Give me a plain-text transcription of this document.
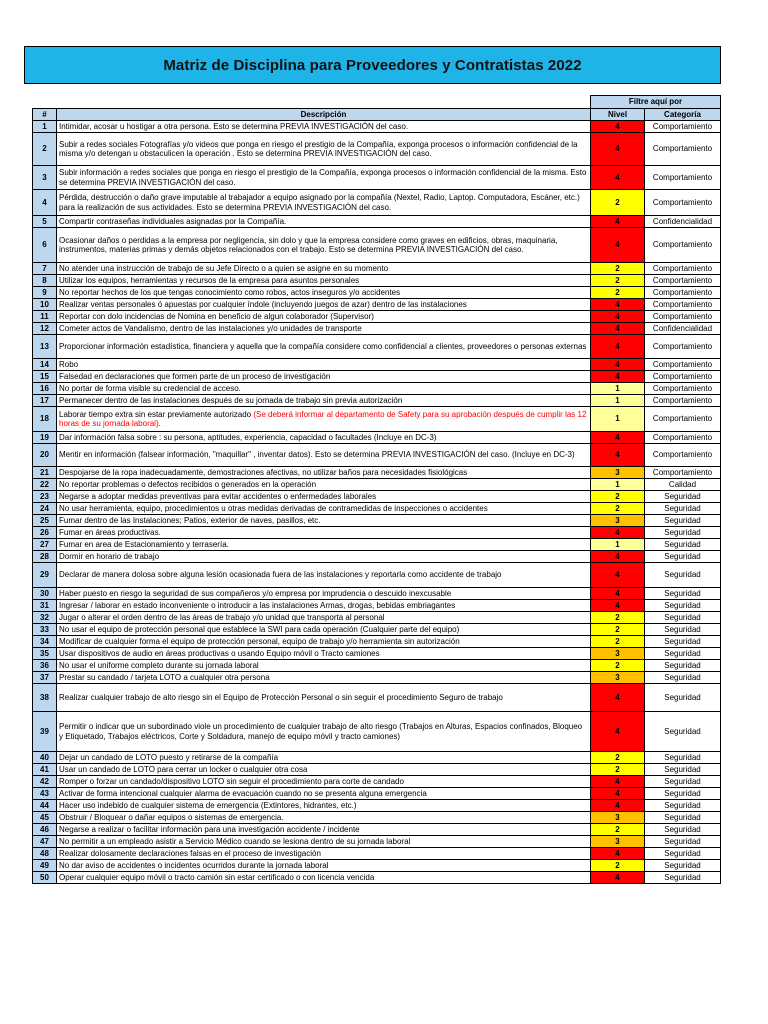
Matriz de Disciplina para Proveedores y Contratistas 2022
		Filtre aquí por	
#	Descripción	Nivel	Categoría
1	Intimidar, acosar u hostigar a otra persona. Esto se determina PREVIA INVESTIGACIÓN del caso.	4	Comportamiento
2	Subir a redes sociales Fotografías y/o videos que ponga en riesgo el prestigio de la Compañía, exponga procesos o información confidencial de la misma y/o detengan u obstaculicen la operación . Esto se determina PREVIA INVESTIGACIÓN del caso.	4	Comportamiento
3	Subir información a redes sociales que ponga en riesgo el prestigio de la Compañía, exponga procesos o información confidencial de la misma. Esto se determina PREVIA INVESTIGACIÓN del caso.	4	Comportamiento
4	Pérdida, destrucción o daño grave imputable al trabajador a equipo asignado por la compañía (Nextel, Radio, Laptop. Computadora, Escáner, etc.) para la realización de sus actividades. Esto se determina PREVIA INVESTIGACIÓN del caso.	2	Comportamiento
5	Compartir contraseñas individuales asignadas por la Compañía.	4	Confidencialidad
6	Ocasionar daños o perdidas a la empresa por negligencia, sin dolo y que la empresa considere como graves en edificios, obras, maquinaria, instrumentos, materias primas y demás objetos relacionados con el trabajo. Esto se determina PREVIA INVESTIGACIÓN del caso.	4	Comportamiento
7	No atender una instrucción de trabajo de su Jefe Directo o a quien se asigne en su momento	2	Comportamiento
8	Utilizar los equipos, herramientas y recursos de la empresa para asuntos personales	2	Comportamiento
9	No reportar hechos de los que tengas conocimiento como robos, actos inseguros y/o accidentes	2	Comportamiento
10	Realizar ventas personales ó apuestas por cualquier índole (incluyendo juegos de azar) dentro de las instalaciones	4	Comportamiento
11	Reportar con dolo incidencias de Nomina en beneficio de algun colaborador (Supervisor)	4	Comportamiento
12	Cometer actos de Vandalismo, dentro de las instalaciones y/o unidades de transporte	4	Confidencialidad
13	Proporcionar información estadística, financiera y aquella que la compañía considere como confidencial a clientes, proveedores o personas externas	4	Comportamiento
14	Robo	4	Comportamiento
15	Falsedad en declaraciones que formen parte de un proceso de investigación	4	Comportamiento
16	No portar de forma visible su credencial de acceso.	1	Comportamiento
17	Permanecer dentro de las instalaciones después de su jornada de trabajo sin previa autorización	1	Comportamiento
18	Laborar tiempo extra sin estar previamente autorizado (Se deberá informar al departamento de Safety para su aprobación después de cumplir las 12 horas de su jornada laboral).	1	Comportamiento
19	Dar información falsa sobre : su persona, aptitudes, experiencia, capacidad o facultades (Incluye en DC-3)	4	Comportamiento
20	Mentir en información (falsear información, "maquillar" , inventar datos). Esto se determina PREVIA INVESTIGACIÓN del caso. (Incluye en DC-3)	4	Comportamiento
21	Despojarse de la ropa inadecuadamente, demostraciones afectivas, no utilizar baños para necesidades fisiológicas	3	Comportamiento
22	No reportar problemas o defectos recibidos o generados en la operación	1	Calidad
23	Negarse a adoptar medidas preventivas para evitar accidentes o enfermedades laborales	2	Seguridad
24	No usar herramienta, equipo, procedimientos u otras medidas derivadas de contramedidas de inspecciones o accidentes	2	Seguridad
25	Fumar dentro de las Instalaciones; Patios, exterior de naves, pasillos, etc.	3	Seguridad
26	Fumar en áreas productivas.	4	Seguridad
27	Fumar en area de Estacionamiento y terrasería.	1	Seguridad
28	Dormir en horario de trabajo	4	Seguridad
29	Declarar de manera dolosa sobre alguna lesión ocasionada fuera de las instalaciones y reportarla como accidente de trabajo	4	Seguridad
30	Haber puesto en riesgo la seguridad de sus compañeros y/o empresa por imprudencia o descuido inexcusable	4	Seguridad
31	Ingresar / laborar en estado inconveniente o introducir a las instalaciones Armas, drogas, bebidas embriagantes	4	Seguridad
32	Jugar o alterar el orden dentro de las áreas de trabajo y/o unidad que transporta al personal	2	Seguridad
33	No usar el equipo de protección personal que establece la SWI para cada operación (Cualquier parte del equipo)	2	Seguridad
34	Modificar de cualquier forma el equipo de protección personal, equipo de trabajo y/o herramienta sin autorización	2	Seguridad
35	Usar dispositivos de audio en áreas productivas o usando Equipo móvil o Tracto camiones	3	Seguridad
36	No usar el uniforme completo durante su jornada laboral	2	Seguridad
37	Prestar su candado / tarjeta LOTO a cualquier otra persona	3	Seguridad
38	Realizar cualquier trabajo de alto riesgo sin el Equipo de Protección Personal o sin seguir el procedimiento Seguro de trabajo	4	Seguridad
39	Permitir o indicar que un subordinado viole un procedimiento de cualquier trabajo de alto riesgo (Trabajos en Alturas, Espacios confinados, Bloqueo y Etiquetado, Trabajos eléctricos, Corte y Soldadura, manejo de equipo móvil y tracto camiones)	4	Seguridad
40	Dejar un candado de LOTO puesto y retirarse de la compañía	2	Seguridad
41	Usar un candado de LOTO para cerrar un locker o cualquier otra cosa	2	Seguridad
42	Romper o forzar un candado/dispositivo LOTO sin seguir el procedimiento para corte de candado	4	Seguridad
43	Activar de forma intencional cualquier alarma de evacuación cuando no se presenta alguna emergencia	4	Seguridad
44	Hacer uso indebido de cualquier sistema de emergencia (Extintores, hidrantes, etc.)	4	Seguridad
45	Obstruir / Bloquear o dañar equipos o sistemas de emergencia.	3	Seguridad
46	Negarse a realizar o facilitar información para una investigación accidente / incidente	2	Seguridad
47	No permitir a un empleado asistir a Servicio Médico cuando se lesiona dentro de su jornada laboral	3	Seguridad
48	Realizar dolosamente declaraciones falsas en el proceso de investigación	4	Seguridad
49	No dar aviso de accidentes o incidentes ocurridos durante la jornada laboral	2	Seguridad
50	Operar cualquier equipo móvil o tracto camión sin estar certificado o con licencia vencida	4	Seguridad
